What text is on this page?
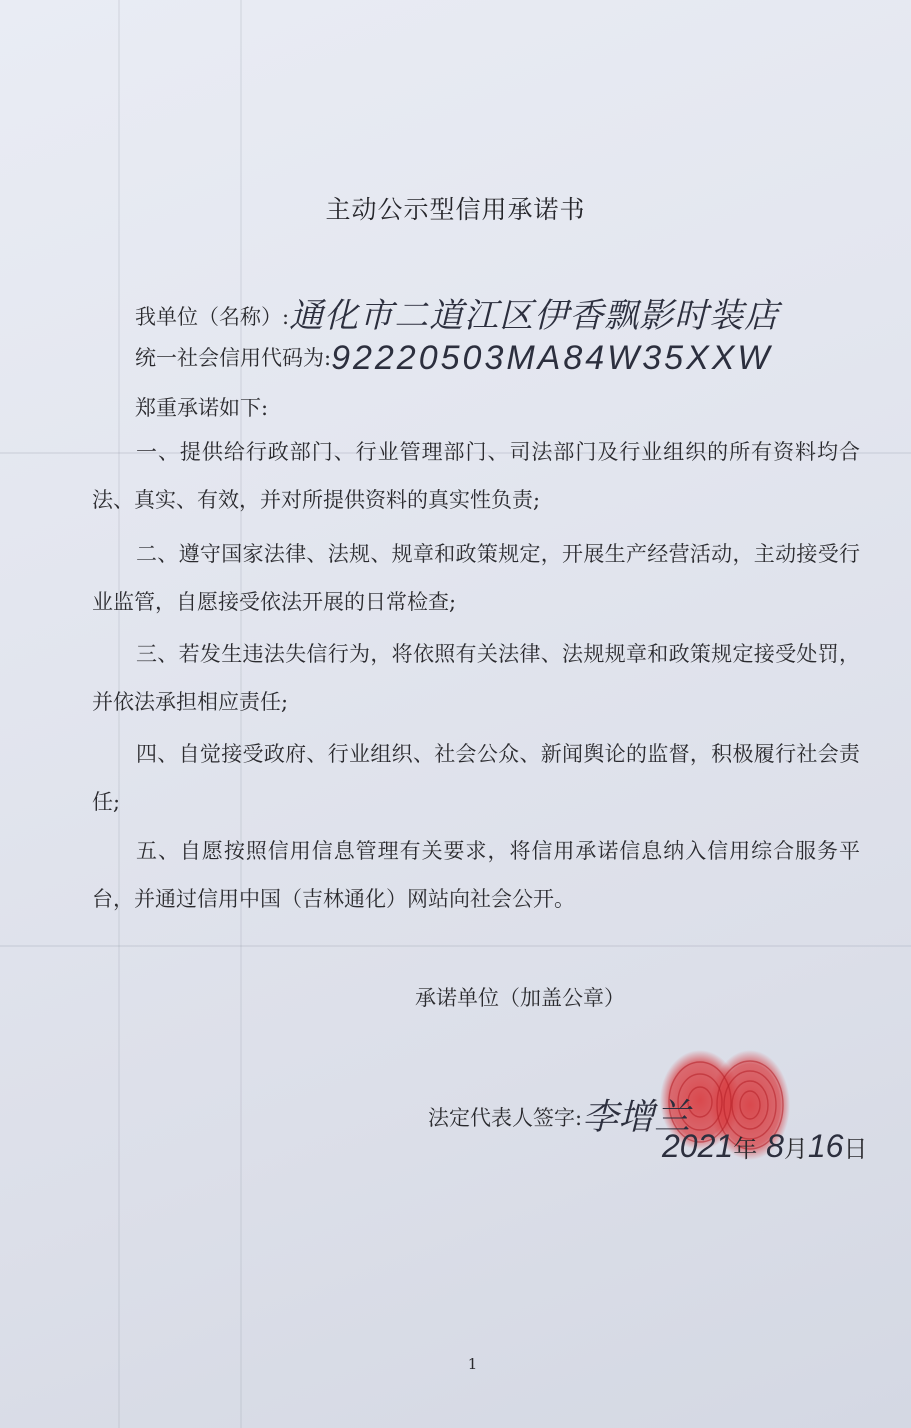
主动公示型信用承诺书
我单位（名称）:通化市二道江区伊香飘影时装店
统一社会信用代码为:92220503MA84W35XXW
郑重承诺如下:
一、提供给行政部门、行业管理部门、司法部门及行业组织的所有资料均合法、真实、有效，并对所提供资料的真实性负责;
二、遵守国家法律、法规、规章和政策规定，开展生产经营活动，主动接受行业监管，自愿接受依法开展的日常检查;
三、若发生违法失信行为，将依照有关法律、法规规章和政策规定接受处罚，并依法承担相应责任;
四、自觉接受政府、行业组织、社会公众、新闻舆论的监督，积极履行社会责任;
五、自愿按照信用信息管理有关要求，将信用承诺信息纳入信用综合服务平台，并通过信用中国（吉林通化）网站向社会公开。
承诺单位（加盖公章）
法定代表人签字:李增兰
2021年 8月16日
1
